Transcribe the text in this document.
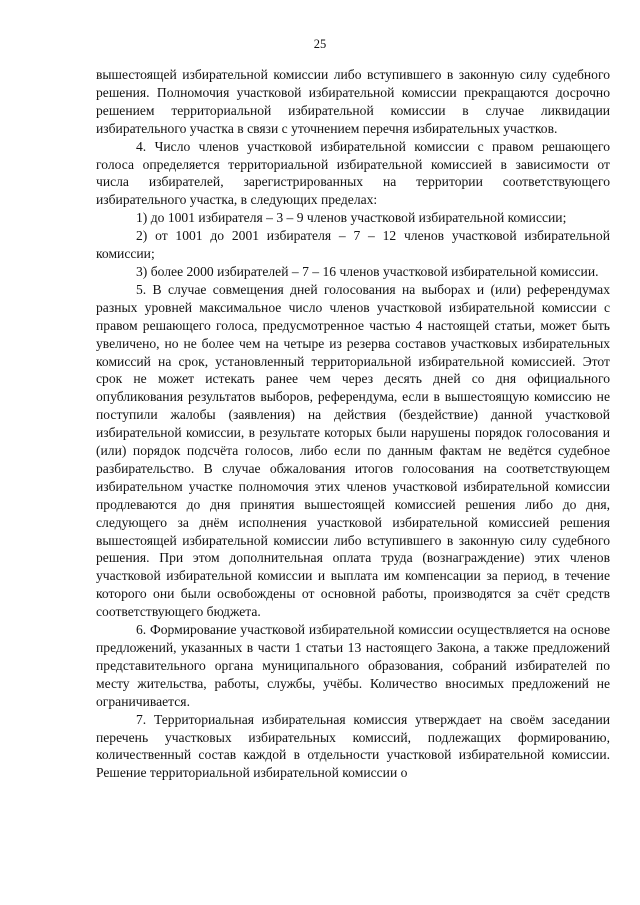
25

вышестоящей избирательной комиссии либо вступившего в законную силу судебного решения. Полномочия участковой избирательной комиссии прекращаются досрочно решением территориальной избирательной комиссии в случае ликвидации избирательного участка в связи с уточнением перечня избирательных участков.

4. Число членов участковой избирательной комиссии с правом решающего голоса определяется территориальной избирательной комиссией в зависимости от числа избирателей, зарегистрированных на территории соответствующего избирательного участка, в следующих пределах:

1) до 1001 избирателя – 3 – 9 членов участковой избирательной комиссии;

2) от 1001 до 2001 избирателя – 7 – 12 членов участковой избирательной комиссии;

3) более 2000 избирателей – 7 – 16 членов участковой избирательной комиссии.

5. В случае совмещения дней голосования на выборах и (или) референдумах разных уровней максимальное число членов участковой избирательной комиссии с правом решающего голоса, предусмотренное частью 4 настоящей статьи, может быть увеличено, но не более чем на четыре из резерва составов участковых избирательных комиссий на срок, установленный территориальной избирательной комиссией. Этот срок не может истекать ранее чем через десять дней со дня официального опубликования результатов выборов, референдума, если в вышестоящую комиссию не поступили жалобы (заявления) на действия (бездействие) данной участковой избирательной комиссии, в результате которых были нарушены порядок голосования и (или) порядок подсчёта голосов, либо если по данным фактам не ведётся судебное разбирательство. В случае обжалования итогов голосования на соответствующем избирательном участке полномочия этих членов участковой избирательной комиссии продлеваются до дня принятия вышестоящей комиссией решения либо до дня, следующего за днём исполнения участковой избирательной комиссией решения вышестоящей избирательной комиссии либо вступившего в законную силу судебного решения. При этом дополнительная оплата труда (вознаграждение) этих членов участковой избирательной комиссии и выплата им компенсации за период, в течение которого они были освобождены от основной работы, производятся за счёт средств соответствующего бюджета.

6. Формирование участковой избирательной комиссии осуществляется на основе предложений, указанных в части 1 статьи 13 настоящего Закона, а также предложений представительного органа муниципального образования, собраний избирателей по месту жительства, работы, службы, учёбы. Количество вносимых предложений не ограничивается.

7. Территориальная избирательная комиссия утверждает на своём заседании перечень участковых избирательных комиссий, подлежащих формированию, количественный состав каждой в отдельности участковой избирательной комиссии. Решение территориальной избирательной комиссии о
